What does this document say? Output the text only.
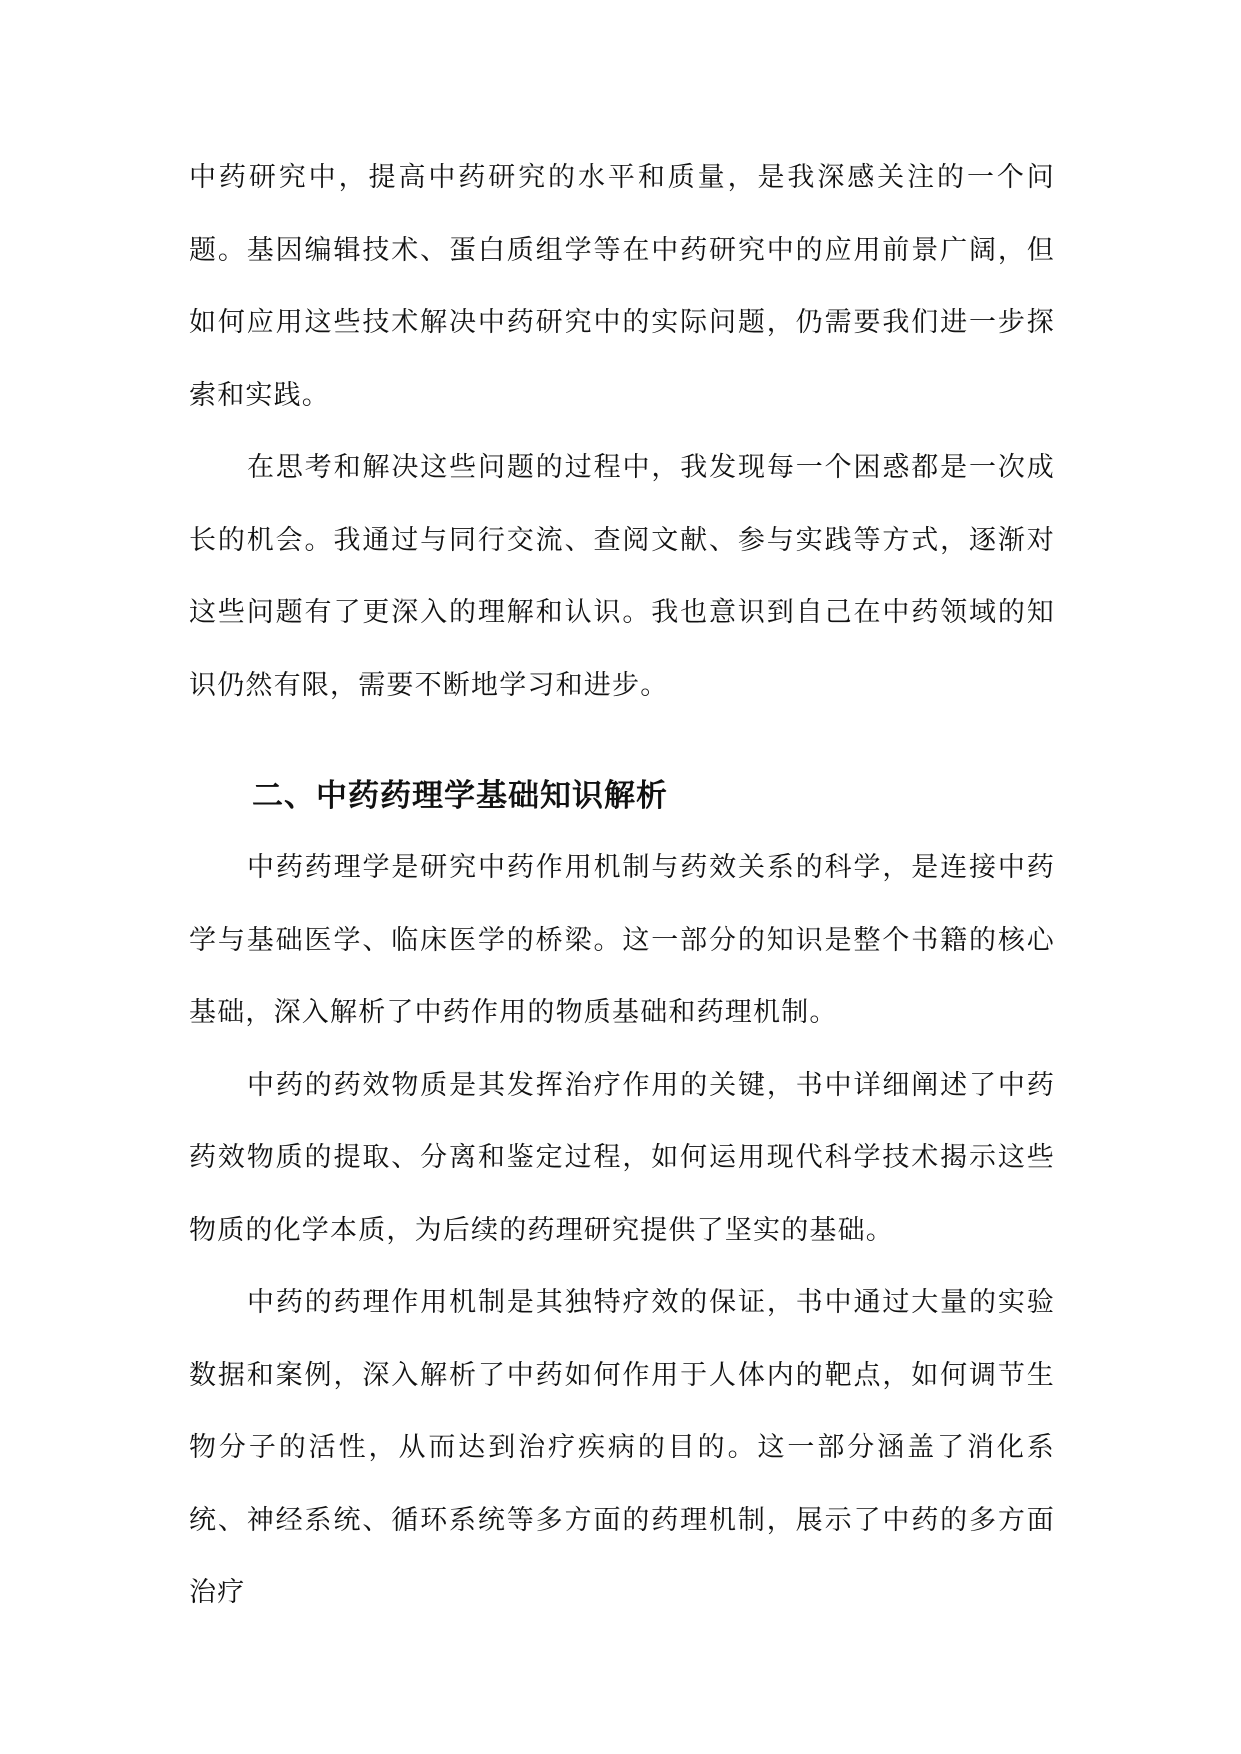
中药研究中，提高中药研究的水平和质量，是我深感关注的一个问题。基因编辑技术、蛋白质组学等在中药研究中的应用前景广阔，但如何应用这些技术解决中药研究中的实际问题，仍需要我们进一步探索和实践。

在思考和解决这些问题的过程中，我发现每一个困惑都是一次成长的机会。我通过与同行交流、查阅文献、参与实践等方式，逐渐对这些问题有了更深入的理解和认识。我也意识到自己在中药领域的知识仍然有限，需要不断地学习和进步。

二、中药药理学基础知识解析

中药药理学是研究中药作用机制与药效关系的科学，是连接中药学与基础医学、临床医学的桥梁。这一部分的知识是整个书籍的核心基础，深入解析了中药作用的物质基础和药理机制。

中药的药效物质是其发挥治疗作用的关键，书中详细阐述了中药药效物质的提取、分离和鉴定过程，如何运用现代科学技术揭示这些物质的化学本质，为后续的药理研究提供了坚实的基础。

中药的药理作用机制是其独特疗效的保证，书中通过大量的实验数据和案例，深入解析了中药如何作用于人体内的靶点，如何调节生物分子的活性，从而达到治疗疾病的目的。这一部分涵盖了消化系统、神经系统、循环系统等多方面的药理机制，展示了中药的多方面治疗
